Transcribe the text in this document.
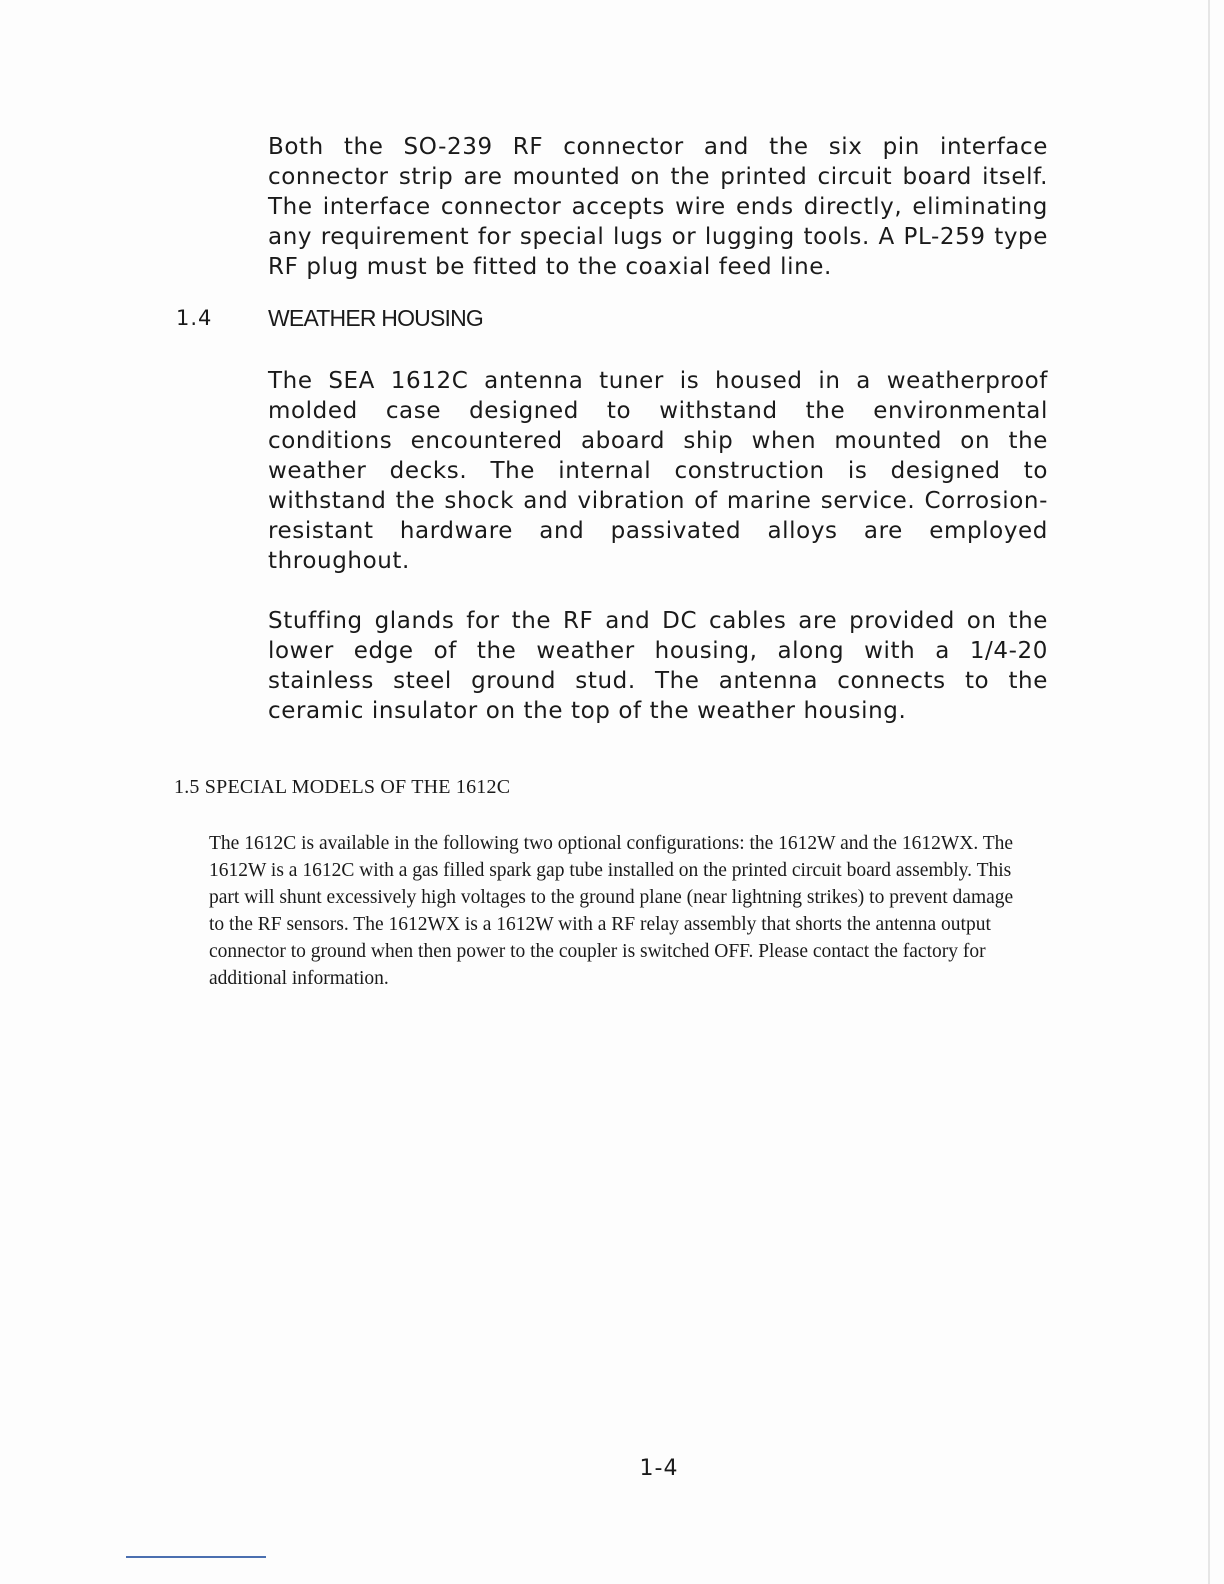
Both the SO-239 RF connector and the six pin interface connector strip are mounted on the printed circuit board itself. The interface connector accepts wire ends directly, eliminating any requirement for special lugs or lugging tools. A PL-259 type RF plug must be fitted to the coaxial feed line.

1.4 WEATHER HOUSING

The SEA 1612C antenna tuner is housed in a weatherproof molded case designed to withstand the environmental conditions encountered aboard ship when mounted on the weather decks. The internal construction is designed to withstand the shock and vibration of marine service. Corrosion-resistant hardware and passivated alloys are employed throughout.

Stuffing glands for the RF and DC cables are provided on the lower edge of the weather housing, along with a 1/4-20 stainless steel ground stud. The antenna connects to the ceramic insulator on the top of the weather housing.

1.5 SPECIAL MODELS OF THE 1612C

The 1612C is available in the following two optional configurations: the 1612W and the 1612WX. The 1612W is a 1612C with a gas filled spark gap tube installed on the printed circuit board assembly. This part will shunt excessively high voltages to the ground plane (near lightning strikes) to prevent damage to the RF sensors. The 1612WX is a 1612W with a RF relay assembly that shorts the antenna output connector to ground when then power to the coupler is switched OFF. Please contact the factory for additional information.

1-4
